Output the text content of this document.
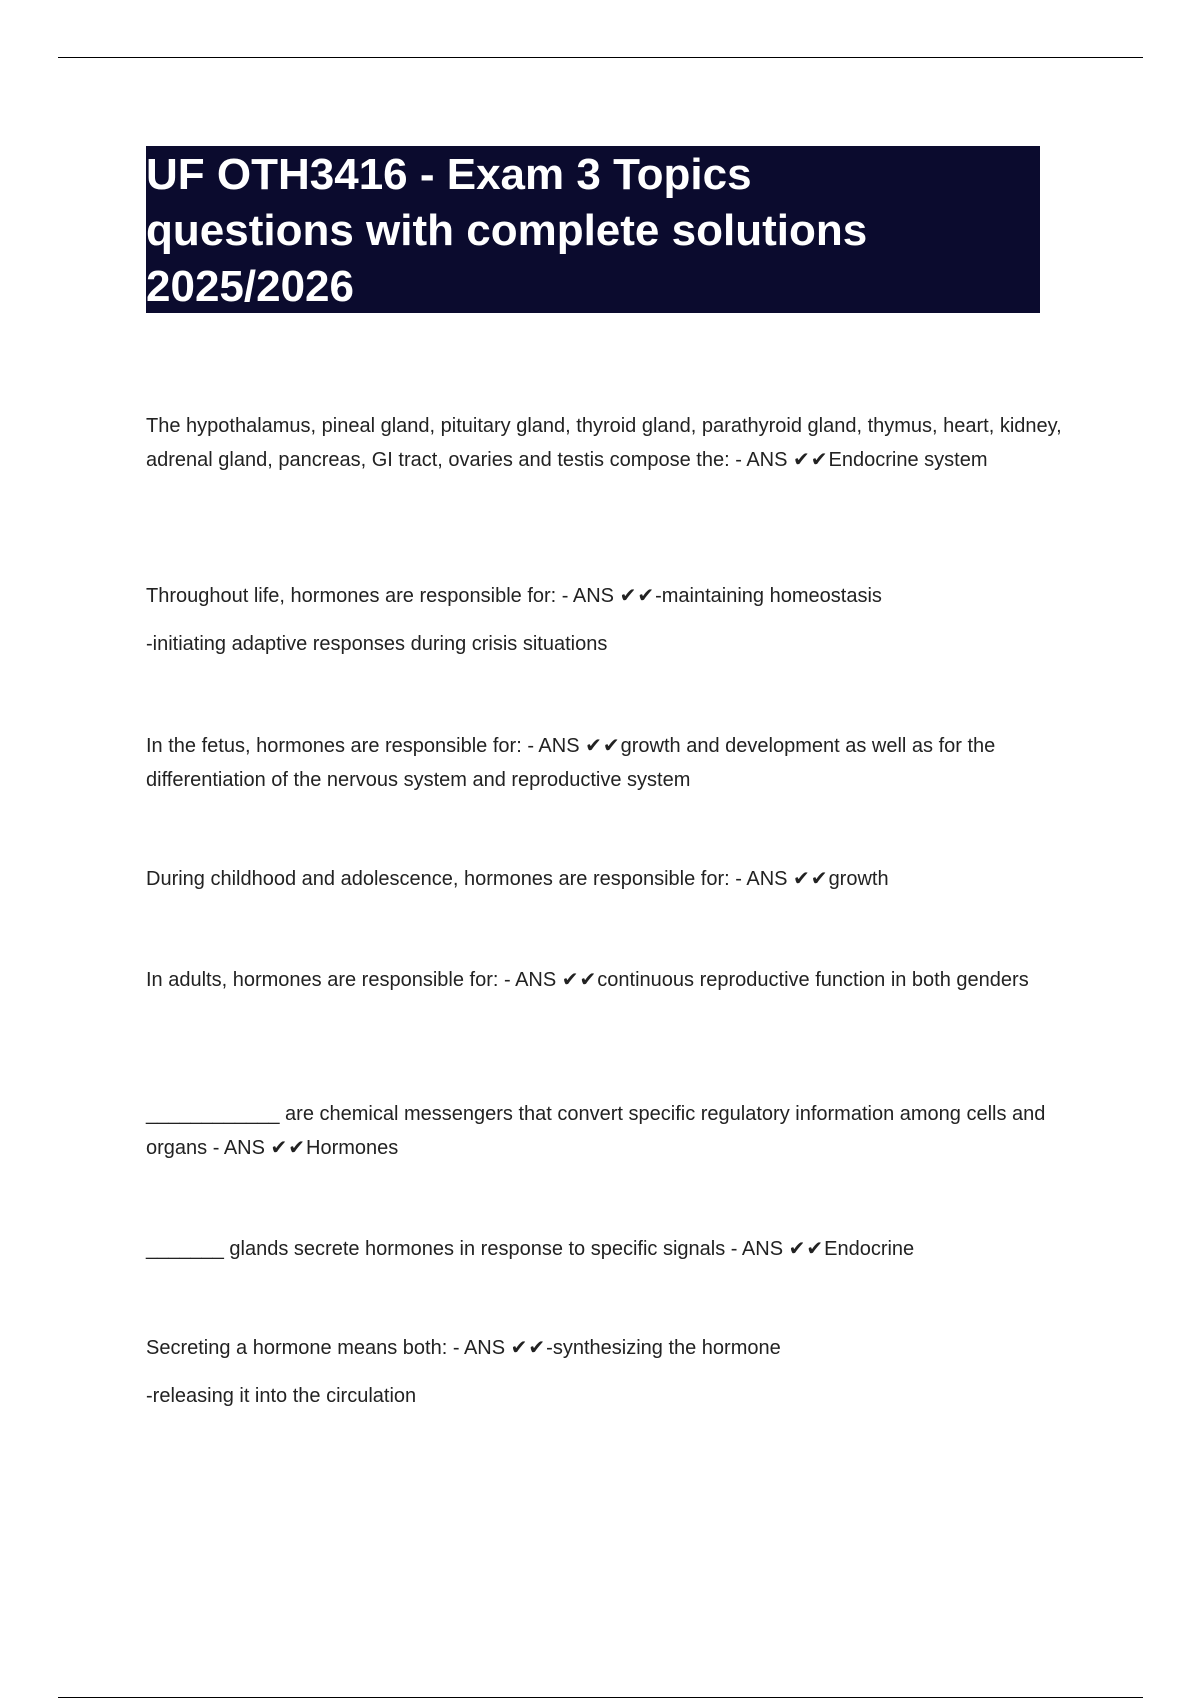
UF OTH3416 - Exam 3 Topics
questions with complete solutions
2025/2026

The hypothalamus, pineal gland, pituitary gland, thyroid gland, parathyroid gland, thymus, heart, kidney, adrenal gland, pancreas, GI tract, ovaries and testis compose the: - ANS ✔✔Endocrine system

Throughout life, hormones are responsible for: - ANS ✔✔-maintaining homeostasis

-initiating adaptive responses during crisis situations

In the fetus, hormones are responsible for: - ANS ✔✔growth and development as well as for the differentiation of the nervous system and reproductive system

During childhood and adolescence, hormones are responsible for: - ANS ✔✔growth

In adults, hormones are responsible for: - ANS ✔✔continuous reproductive function in both genders

____________ are chemical messengers that convert specific regulatory information among cells and organs - ANS ✔✔Hormones

_______ glands secrete hormones in response to specific signals - ANS ✔✔Endocrine

Secreting a hormone means both: - ANS ✔✔-synthesizing the hormone

-releasing it into the circulation
